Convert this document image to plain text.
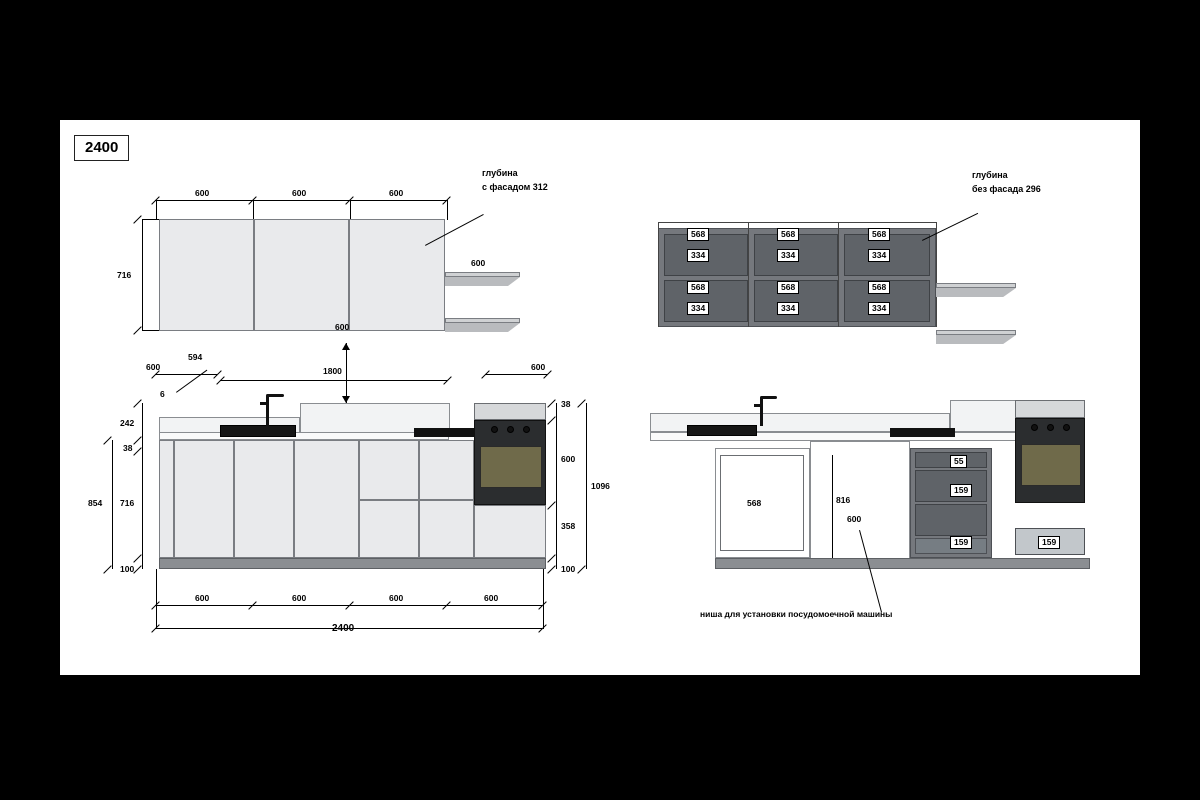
2400
600	600	600
716
600
глубина
с фасадом 312
600
1800
600	600
594
6
242
38
716
100
854
38
600
358
100
1096
600	600	600	600
2400
568	568	568
334	334	334
568	568	568
334	334	334
глубина
без фасада 296
568	816
600
55
159
159	159
ниша для установки посудомоечной машины
